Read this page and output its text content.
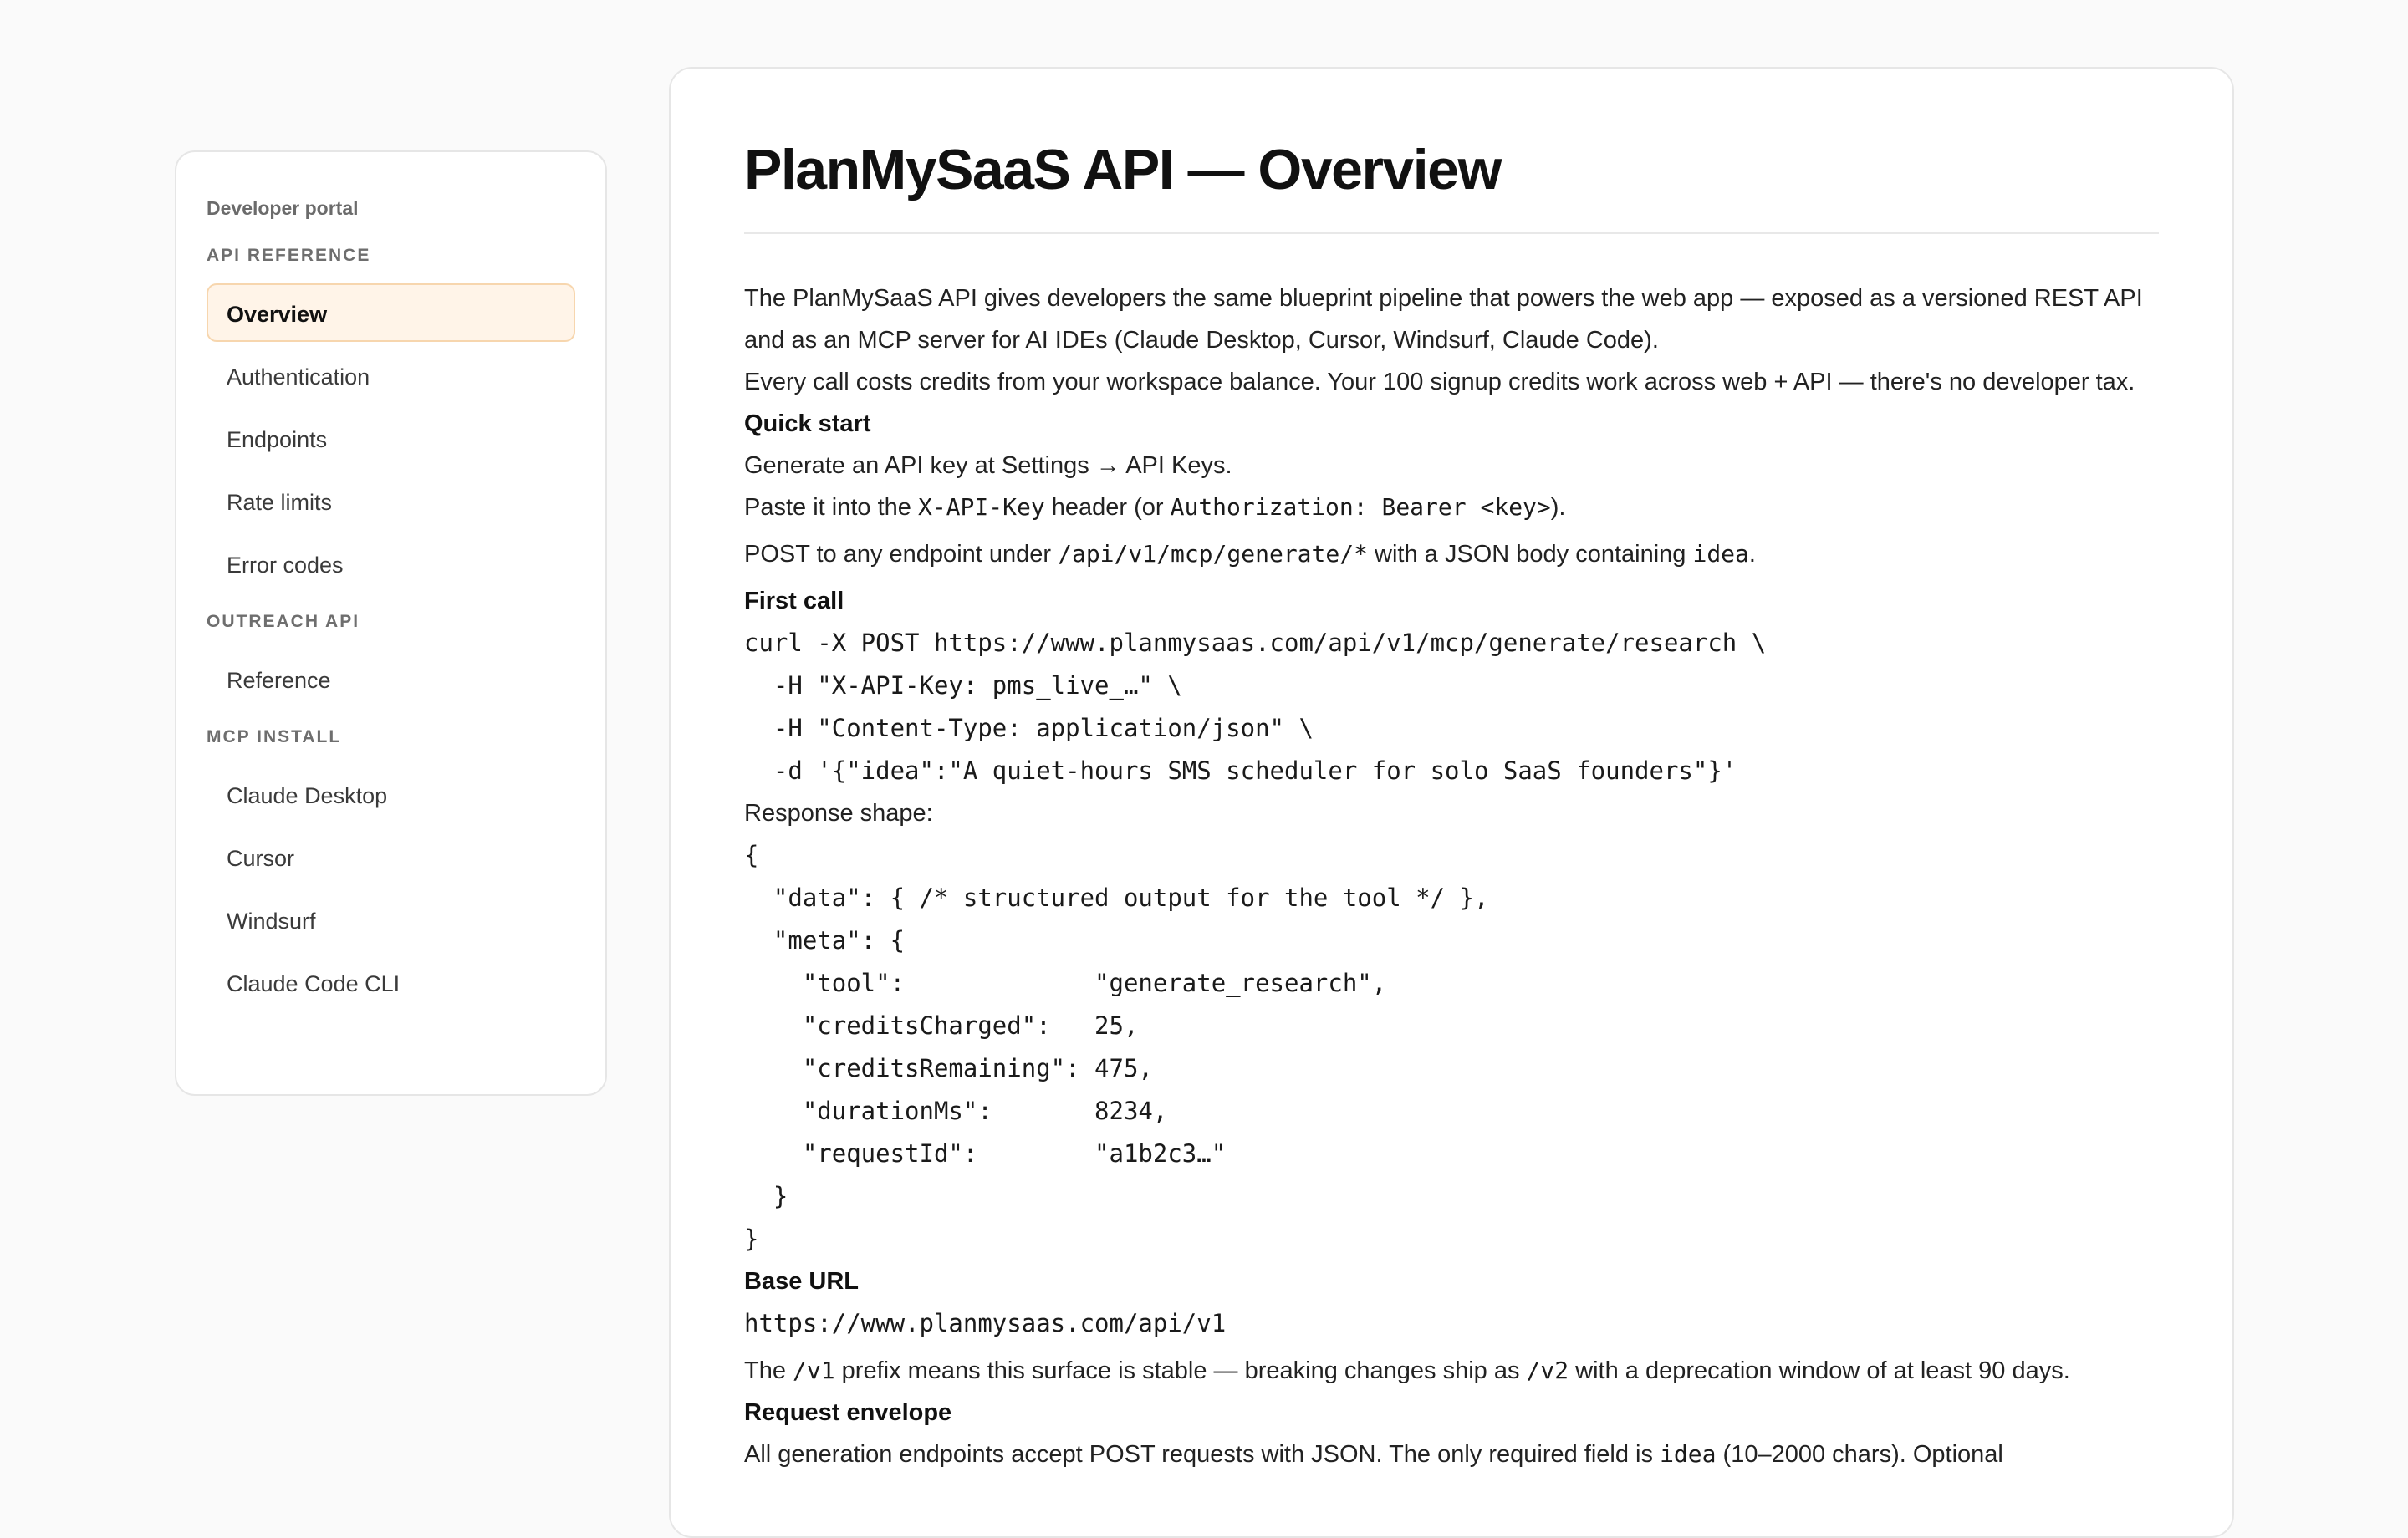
Developer portal
API REFERENCE
Overview
Authentication
Endpoints
Rate limits
Error codes
OUTREACH API
Reference
MCP INSTALL
Claude Desktop
Cursor
Windsurf
Claude Code CLI
PlanMySaaS API — Overview

The PlanMySaaS API gives developers the same blueprint pipeline that powers the web app — exposed as a versioned REST API and as an MCP server for AI IDEs (Claude Desktop, Cursor, Windsurf, Claude Code).

Every call costs credits from your workspace balance. Your 100 signup credits work across web + API — there's no developer tax.

Quick start

Generate an API key at Settings → API Keys.

Paste it into the X-API-Key header (or Authorization: Bearer <key>).

POST to any endpoint under /api/v1/mcp/generate/* with a JSON body containing idea.

First call

curl -X POST https://www.planmysaas.com/api/v1/mcp/generate/research \
-H "X-API-Key: pms_live_…" \
-H "Content-Type: application/json" \
-d '{"idea":"A quiet-hours SMS scheduler for solo SaaS founders"}'

Response shape:

{
"data": { /* structured output for the tool */ },
"meta": {
"tool":             "generate_research",
"creditsCharged":   25,
"creditsRemaining": 475,
"durationMs":       8234,
"requestId":        "a1b2c3…"
}
}

Base URL

https://www.planmysaas.com/api/v1

The /v1 prefix means this surface is stable — breaking changes ship as /v2 with a deprecation window of at least 90 days.

Request envelope

All generation endpoints accept POST requests with JSON. The only required field is idea (10–2000 chars). Optional
